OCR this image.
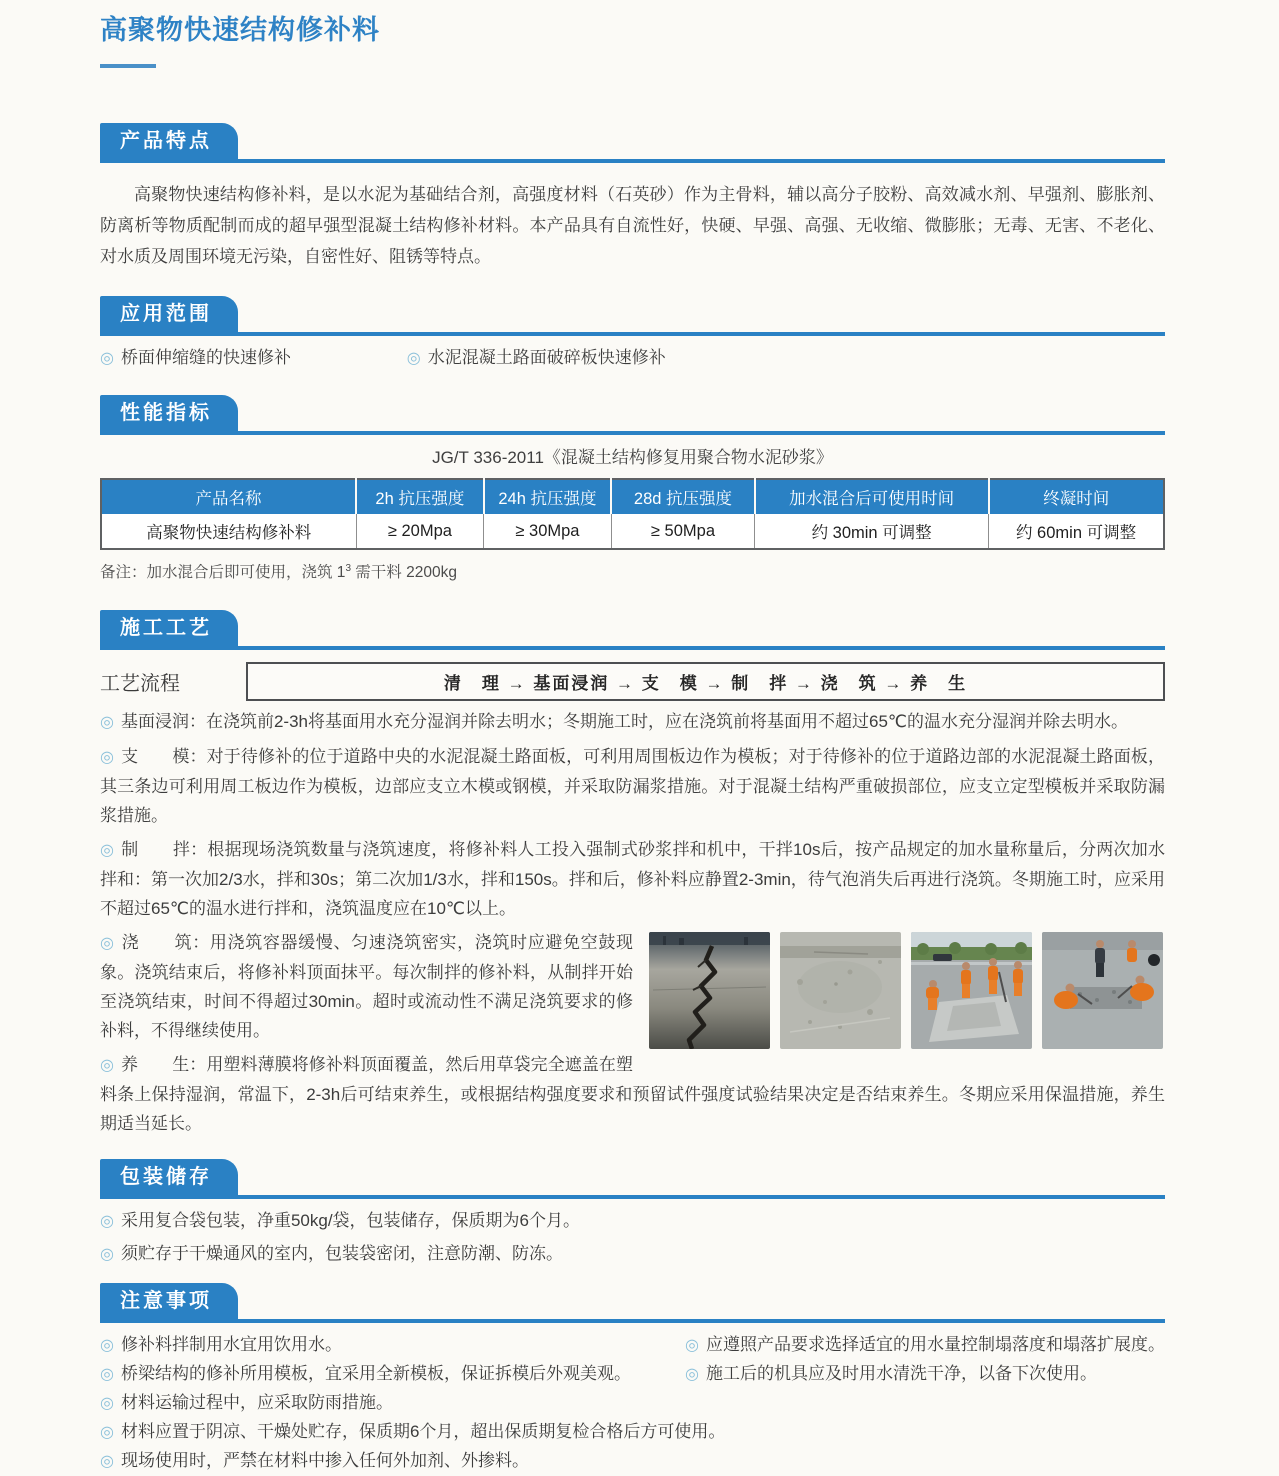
高聚物快速结构修补料
产品特点

高聚物快速结构修补料，是以水泥为基础结合剂，高强度材料（石英砂）作为主骨料，辅以高分子胶粉、高效减水剂、早强剂、膨胀剂、防离析等物质配制而成的超早强型混凝土结构修补材料。本产品具有自流性好，快硬、早强、高强、无收缩、微膨胀；无毒、无害、不老化、对水质及周围环境无污染，自密性好、阻锈等特点。

应用范围
◎ 桥面伸缩缝的快速修补	◎ 水泥混凝土路面破碎板快速修补
性能指标
JG/T 336-2011《混凝土结构修复用聚合物水泥砂浆》
产品名称	2h 抗压强度	24h 抗压强度	28d 抗压强度	加水混合后可使用时间	终凝时间
高聚物快速结构修补料	≥ 20Mpa	≥ 30Mpa	≥ 50Mpa	约 30min 可调整	约 60min 可调整
备注：加水混合后即可使用，浇筑 $1^3$ 需干料 2200kg
施工工艺
工艺流程	清　理 → 基面浸润 → 支　模 → 制　拌 → 浇　筑 → 养　生

◎ 基面浸润：在浇筑前2-3h将基面用水充分湿润并除去明水；冬期施工时，应在浇筑前将基面用不超过65℃的温水充分湿润并除去明水。

◎ 支　　模：对于待修补的位于道路中央的水泥混凝土路面板，可利用周围板边作为模板；对于待修补的位于道路边部的水泥混凝土路面板，其三条边可利用周工板边作为模板，边部应支立木模或钢模，并采取防漏浆措施。对于混凝土结构严重破损部位，应支立定型模板并采取防漏浆措施。

◎ 制　　拌：根据现场浇筑数量与浇筑速度，将修补料人工投入强制式砂浆拌和机中，干拌10s后，按产品规定的加水量称量后，分两次加水拌和：第一次加2/3水，拌和30s；第二次加1/3水，拌和150s。拌和后，修补料应静置2-3min，待气泡消失后再进行浇筑。冬期施工时，应采用不超过65℃的温水进行拌和，浇筑温度应在10℃以上。

◎ 浇　　筑：用浇筑容器缓慢、匀速浇筑密实，浇筑时应避免空鼓现象。浇筑结束后，将修补料顶面抹平。每次制拌的修补料，从制拌开始至浇筑结束，时间不得超过30min。超时或流动性不满足浇筑要求的修补料，不得继续使用。

◎ 养　　生：用塑料薄膜将修补料顶面覆盖，然后用草袋完全遮盖在塑料条上保持湿润，常温下，2-3h后可结束养生，或根据结构强度要求和预留试件强度试验结果决定是否结束养生。冬期应采用保温措施，养生期适当延长。

包装储存

◎ 采用复合袋包装，净重50kg/袋，包装储存，保质期为6个月。

◎ 须贮存于干燥通风的室内，包装袋密闭，注意防潮、防冻。

注意事项

◎ 修补料拌制用水宜用饮用水。	◎ 应遵照产品要求选择适宜的用水量控制塌落度和塌落扩展度。

◎ 桥梁结构的修补所用模板，宜采用全新模板，保证拆模后外观美观。	◎ 施工后的机具应及时用水清洗干净，以备下次使用。

◎ 材料运输过程中，应采取防雨措施。

◎ 材料应置于阴凉、干燥处贮存，保质期6个月，超出保质期复检合格后方可使用。

◎ 现场使用时，严禁在材料中掺入任何外加剂、外掺料。
